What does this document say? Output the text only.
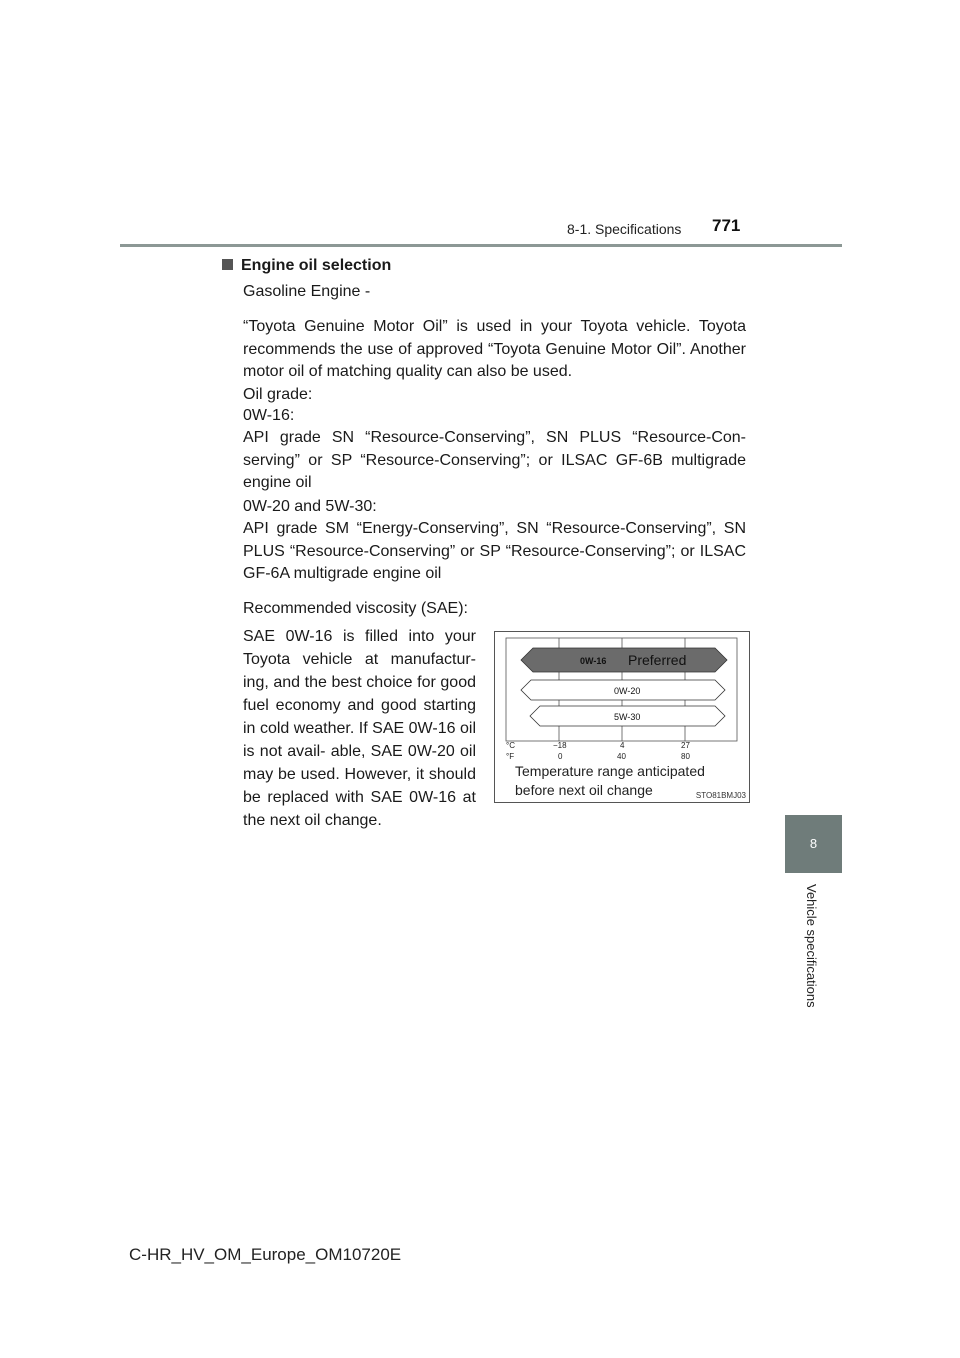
8-1. Specifications 771
8
Vehicle specifications
Engine oil selection
Gasoline Engine -
“Toyota Genuine Motor Oil” is used in your Toyota vehicle. Toyota recommends the use of approved “Toyota Genuine Motor Oil”. Another motor oil of matching quality can also be used.
Oil grade:
0W-16:
API grade SN “Resource-Conserving”, SN PLUS “Resource-Con- serving” or SP “Resource-Conserving”; or ILSAC GF-6B multigrade engine oil
0W-20 and 5W-30:
API grade SM “Energy-Conserving”, SN “Resource-Conserving”, SN PLUS “Resource-Conserving” or SP “Resource-Conserving”; or ILSAC GF-6A multigrade engine oil
Recommended viscosity (SAE):
SAE 0W-16 is filled into your Toyota vehicle at manufactur- ing, and the best choice for good fuel economy and good starting in cold weather. If SAE 0W-16 oil is not avail- able, SAE 0W-20 oil may be used. However, it should be replaced with SAE 0W-16 at the next oil change.
0W-16 Preferred
0W-20
5W-30
°C
°F
−18	4	27
0	40	80
Temperature range anticipated before next oil change	STO81BMJ03
C-HR_HV_OM_Europe_OM10720E
